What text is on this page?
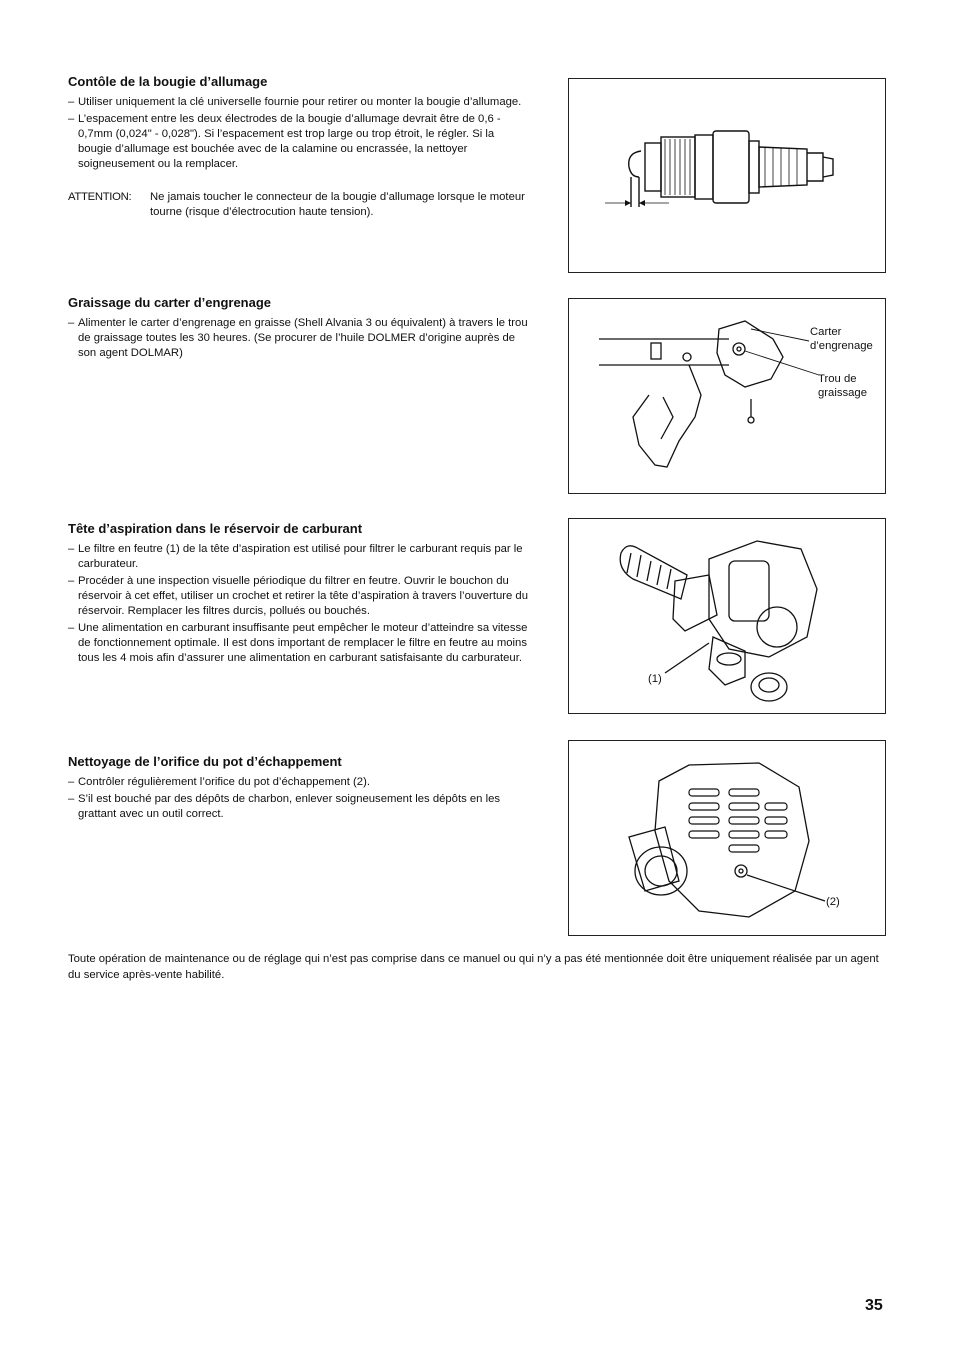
Contôle de la bougie d’allumage
– Utiliser uniquement la clé universelle fournie pour retirer ou monter la bougie d’allumage.
– L’espacement entre les deux électrodes de la bougie d’allumage devrait être de 0,6 - 0,7mm (0,024" - 0,028"). Si l’espacement est trop large ou trop étroit, le régler. Si la bougie d’allumage est bouchée avec de la calamine ou encrassée, la nettoyer soigneusement ou la remplacer.
ATTENTION:	Ne jamais toucher le connecteur de la bougie d’allumage lorsque le moteur tourne (risque d’électrocution haute tension).
Graissage du carter d’engrenage
– Alimenter le carter d’engrenage en graisse (Shell Alvania 3 ou équivalent) à travers le trou de graissage toutes les 30 heures. (Se procurer de l’huile DOLMER d’origine auprès de son agent DOLMAR)
Tête d’aspiration dans le réservoir de carburant
– Le filtre en feutre (1) de la tête d’aspiration est utilisé pour filtrer le carburant requis par le carburateur.
– Procéder à une inspection visuelle périodique du filtrer en feutre. Ouvrir le bouchon du réservoir à cet effet, utiliser un crochet et retirer la tête d’aspiration à travers l’ouverture du réservoir. Remplacer les filtres durcis, pollués ou bouchés.
– Une alimentation en carburant insuffisante peut empêcher le moteur d’atteindre sa vitesse de fonctionnement optimale. Il est dons important de remplacer le filtre en feutre au moins tous les 4 mois afin d’assurer une alimentation en carburant satisfaisante du carburateur.
Nettoyage de l’orifice du pot d’échappement
– Contrôler régulièrement l’orifice du pot d’échappement (2).
– S’il est bouché par des dépôts de charbon, enlever soigneusement les dépôts en les grattant avec un outil correct.
Carter d’engrenage
Trou de graissage
(1)
(2)
Toute opération de maintenance ou de réglage qui n’est pas comprise dans ce manuel ou qui n’y a pas été mentionnée doit être uniquement réalisée par un agent du service après-vente habilité.
35
